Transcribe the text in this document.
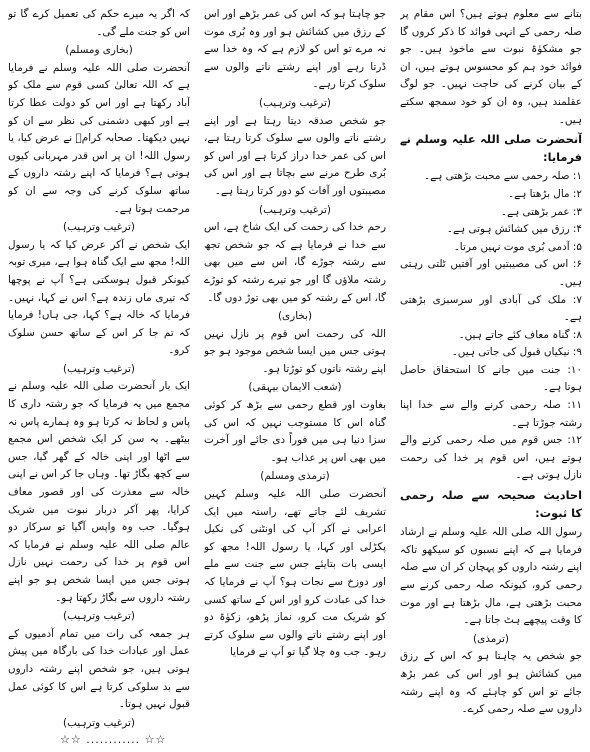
بتانے سے معلوم ہوتے ہیں؟ اس مقام پر صلہ رحمی کے انہی فوائد کا ذکر کروں گا جو مشکوٰۃ نبوت سے ماخوذ ہیں۔ جو فوائد خود ہم کو محسوس ہوتے ہیں، ان کے بیان کرنے کی حاجت نہیں۔ جو لوگ عقلمند ہیں، وہ ان کو خود سمجھ سکتے ہیں۔

آنحضرت صلی اللہ علیہ وسلم نے فرمایا:

۱: صلہ رحمی سے محبت بڑھتی ہے۔

۲: مال بڑھتا ہے۔

۳: عمر بڑھتی ہے۔

۴: رزق میں کشائش ہوتی ہے۔

۵: آدمی بُری موت نہیں مرتا۔

۶: اس کی مصیبتیں اور آفتیں ٹلتی رہتی ہیں۔

۷: ملک کی آبادی اور سرسبزی بڑھتی ہے۔

۸: گناہ معاف کئے جاتے ہیں۔

۹: نیکیاں قبول کی جاتی ہیں۔

۱۰: جنت میں جانے کا استحقاق حاصل ہوتا ہے۔

۱۱: صلہ رحمی کرنے والے سے خدا اپنا رشتہ جوڑتا ہے۔

۱۲: جس قوم میں صلہ رحمی کرنے والے ہوتے ہیں، اس قوم پر خدا کی رحمت نازل ہوتی ہے۔

احادیث صحیحہ سے صلہ رحمی کا ثبوت:

رسول اللہ صلی اللہ علیہ وسلم نے ارشاد فرمایا ہے کہ اپنے نسبوں کو سیکھو تاکہ اپنے رشتہ داروں کو پہچان کر ان سے صلہ رحمی کرو، کیونکہ صلہ رحمی کرنے سے محبت بڑھتی ہے، مال بڑھتا ہے اور موت کا وقت پیچھے ہٹ جاتا ہے۔

(ترمذی)

جو شخص یہ چاہتا ہو کہ اس کے رزق میں کشائش ہو اور اس کی عمر بڑھ جائے تو اس کو چاہئے کہ وہ اپنے رشتہ داروں سے صلہ رحمی کرے۔

جو چاہتا ہو کہ اس کی عمر بڑھے اور اس کے رزق میں کشائش ہو اور وہ بُری موت نہ مرے تو اس کو لازم ہے کہ وہ خدا سے ڈرتا رہے اور اپنے رشتے ناتے والوں سے سلوک کرتا رہے۔

(ترغیب وترہیب)

جو شخص صدقہ دیتا رہتا ہے اور اپنے رشتے ناتے والوں سے سلوک کرتا رہتا ہے، اس کی عمر خدا دراز کرتا ہے اور اس کو بُری طرح مرنے سے بچاتا ہے اور اس کی مصیبتوں اور آفات کو دور کرتا رہتا ہے۔

(ترغیب وترہیب)

رحم خدا کی رحمت کی ایک شاخ ہے، اس سے خدا نے فرمایا ہے کہ جو شخص تجھ سے رشتہ جوڑے گا، اس سے میں بھی رشتہ ملاؤں گا اور جو تیرے رشتہ کو توڑے گا، اس کے رشتہ کو میں بھی توڑ دوں گا۔

(بخاری)

اللہ کی رحمت اس قوم پر نازل نہیں ہوتی جس میں ایسا شخص موجود ہو جو اپنے رشتہ ناتوں کو توڑتا ہو۔

(شعب الایمان بیہقی)

بغاوت اور قطع رحمی سے بڑھ کر کوئی گناہ اس کا مستوجب نہیں کہ اس کی سزا دنیا ہی میں فوراً دی جائے اور آخرت میں بھی اس پر عذاب ہو۔

(ترمذی ومسلم)

آنحضرت صلی اللہ علیہ وسلم کہیں تشریف لئے جاتے تھے، راستہ میں ایک اعرابی نے آکر آپ کی اونٹنی کی نکیل پکڑلی اور کہا، یا رسول اللہ! مجھ کو ایسی بات بتایئے جس سے جنت سے ملے اور دوزخ سے نجات ہو؟ آپ نے فرمایا کہ خدا کی عبادت کرو اور اس کے ساتھ کسی کو شریک مت کرو، نماز پڑھو، زکوٰۃ دو اور اپنے رشتے ناتے والوں سے سلوک کرتے رہو۔ جب وہ چلا گیا تو آپ نے فرمایا

کہ اگر یہ میرے حکم کی تعمیل کرے گا تو اس کو جنت ملے گی۔

(بخاری ومسلم)

آنحضرت صلی اللہ علیہ وسلم نے فرمایا ہے کہ اللہ تعالیٰ کسی قوم سے ملک کو آباد رکھتا ہے اور اس کو دولت عطا کرتا ہے اور کبھی دشمنی کی نظر سے ان کو نہیں دیکھتا۔ صحابہ کرامؓ نے عرض کیا، یا رسول اللہ! ان پر اس قدر مہربانی کیوں ہوتی ہے؟ فرمایا کہ اپنے رشتہ داروں کے ساتھ سلوک کرنے کی وجہ سے ان کو مرحمت ہوتا ہے۔

(ترغیب وترہیب)

ایک شخص نے آکر عرض کیا کہ یا رسول اللہ! مجھ سے ایک گناہ ہوا ہے، میری توبہ کیونکر قبول ہوسکتی ہے؟ آپ نے پوچھا کہ تیری ماں زندہ ہے؟ اس نے کہا، نہیں۔ فرمایا کہ خالہ ہے؟ کہا، جی ہاں! فرمایا کہ تم جا کر اس کے ساتھ حسن سلوک کرو۔

(ترغیب وترہیب)

ایک بار آنحضرت صلی اللہ علیہ وسلم نے مجمع میں یہ فرمایا کہ جو رشتہ داری کا پاس و لحاظ نہ کرتا ہو وہ ہمارے پاس نہ بیٹھے۔ یہ سن کر ایک شخص اس مجمع سے اٹھا اور اپنی خالہ کے گھر گیا، جس سے کچھ بگاڑ تھا۔ وہاں جا کر اس نے اپنی خالہ سے معذرت کی اور قصور معاف کرایا، پھر آکر دربار نبوت میں شریک ہوگیا۔ جب وہ واپس آگیا تو سرکار دو عالم صلی اللہ علیہ وسلم نے فرمایا کہ اس قوم پر خدا کی رحمت نہیں نازل ہوتی جس میں ایسا شخص ہو جو اپنے رشتہ داروں سے بگاڑ رکھتا ہو۔

(ترغیب وترہیب)

ہر جمعہ کی رات میں تمام آدمیوں کے عمل اور عبادات خدا کی بارگاہ میں پیش ہوتی ہیں، جو شخص اپنے رشتہ داروں سے بد سلوکی کرتا ہے اس کا کوئی عمل قبول نہیں ہوتا۔

(ترغیب وترہیب)
☆☆ ............ ☆☆
